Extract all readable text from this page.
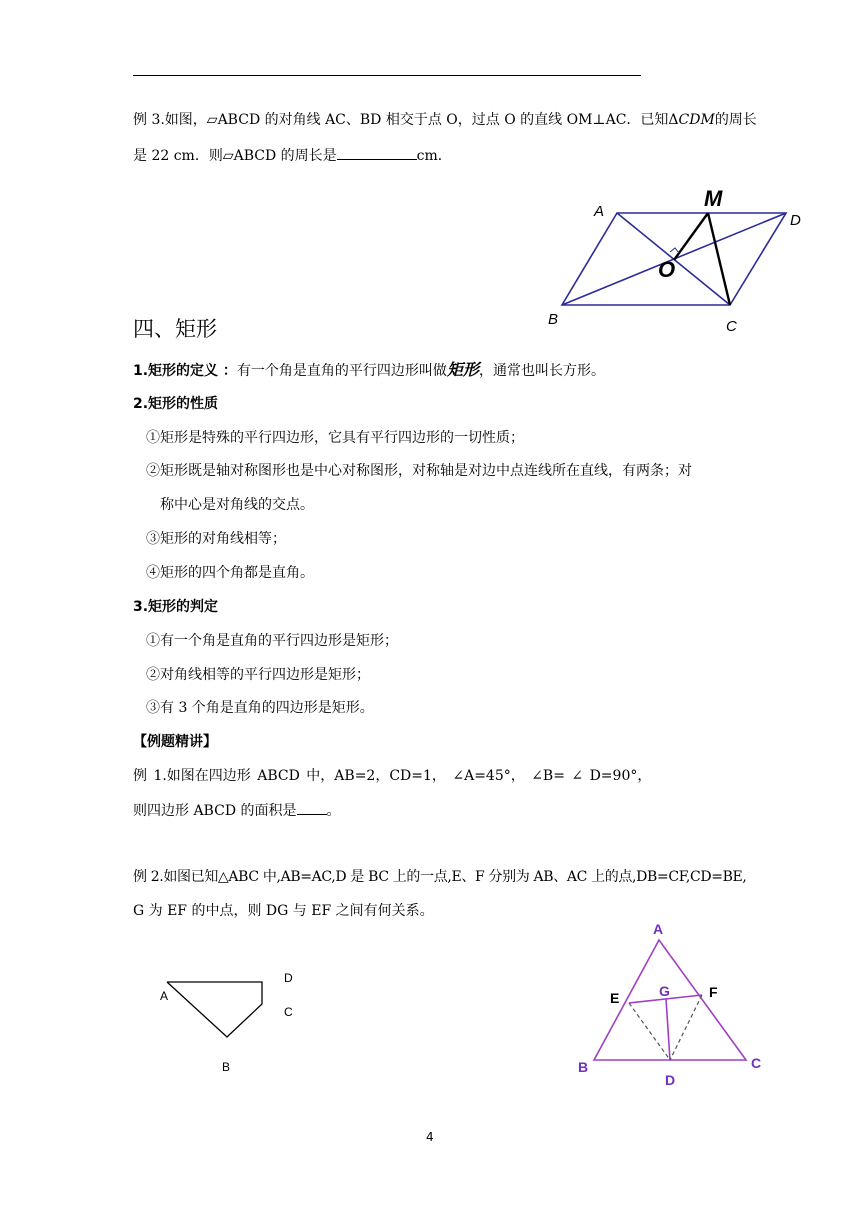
例 3.如图，▱ABCD 的对角线 AC、BD 相交于点 O，过点 O 的直线 OM⊥AC．已知ΔCDM的周长
是 22 cm．则▱ABCD 的周长是	cm．
A
B	C
D
M
O
四、矩形
1.矩形的定义 ：有一个角是直角的平行四边形叫做矩形，通常也叫长方形。
2.矩形的性质
①矩形是特殊的平行四边形，它具有平行四边形的一切性质；
②矩形既是轴对称图形也是中心对称图形，对称轴是对边中点连线所在直线，有两条；对
称中心是对角线的交点。
③矩形的对角线相等；
④矩形的四个角都是直角。
3.矩形的判定
①有一个角是直角的平行四边形是矩形；
②对角线相等的平行四边形是矩形；
③有 3 个角是直角的四边形是矩形。
【例题精讲】
例 1.如图在四边形 ABCD 中，AB=2，CD=1， ∠A=45°， ∠B= ∠ D=90°，
则四边形 ABCD 的面积是 。
例 2.如图已知△ABC 中,AB=AC,D 是 BC 上的一点,E、F 分别为 AB、AC 上的点,DB=CF,CD=BE,
G 为 EF 的中点，则 DG 与 EF 之间有何关系。
A
B
C
D
A
B	C
D
E	F
G
4
